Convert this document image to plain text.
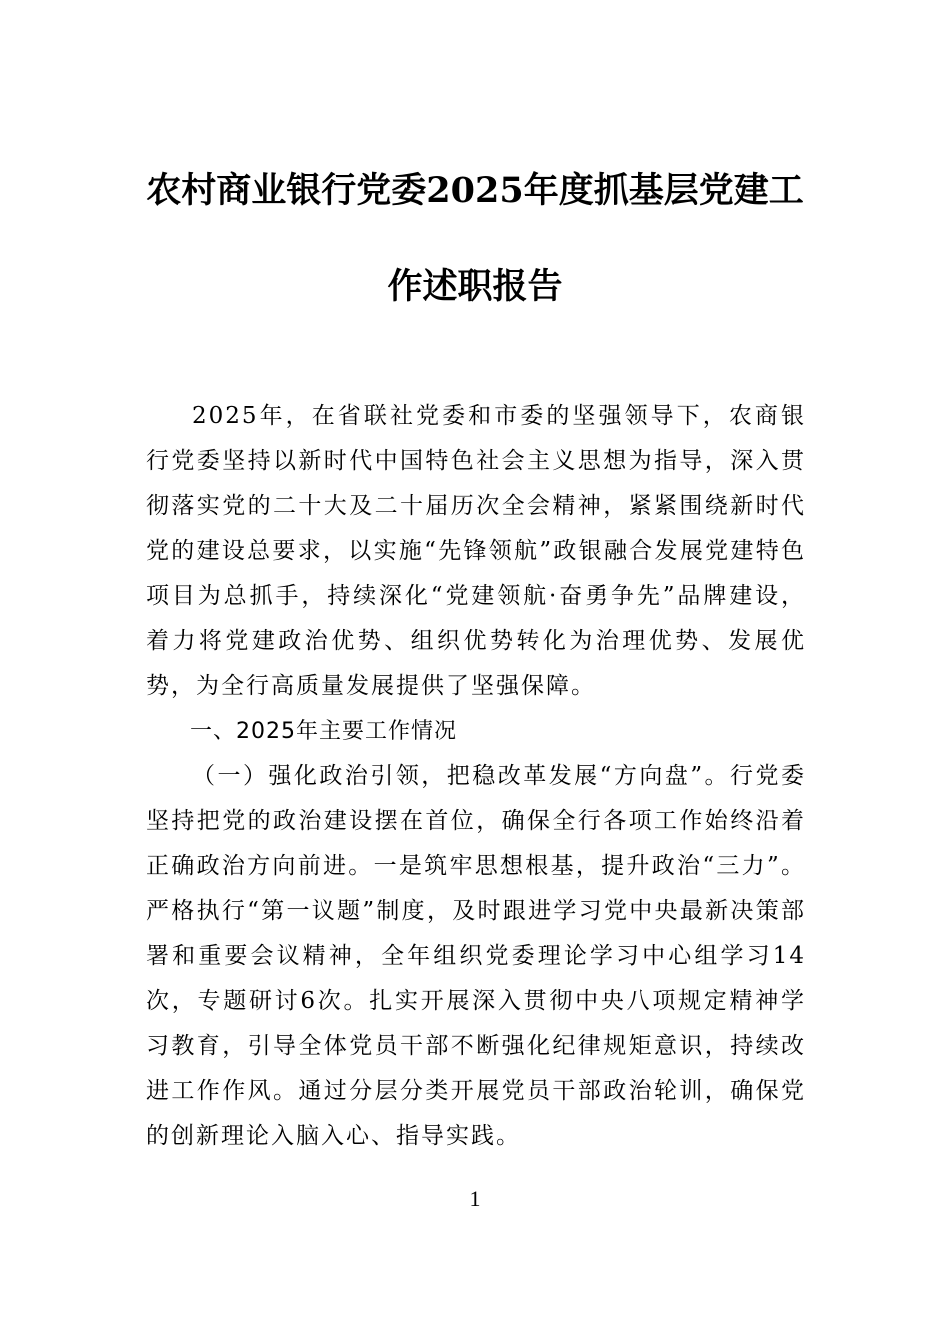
农村商业银行党委2025年度抓基层党建工
作述职报告

2025年，在省联社党委和市委的坚强领导下，农商银行党委坚持以新时代中国特色社会主义思想为指导，深入贯彻落实党的二十大及二十届历次全会精神，紧紧围绕新时代党的建设总要求，以实施“先锋领航”政银融合发展党建特色项目为总抓手，持续深化“党建领航·奋勇争先”品牌建设，着力将党建政治优势、组织优势转化为治理优势、发展优势，为全行高质量发展提供了坚强保障。

一、2025年主要工作情况

（一）强化政治引领，把稳改革发展“方向盘”。行党委坚持把党的政治建设摆在首位，确保全行各项工作始终沿着正确政治方向前进。一是筑牢思想根基，提升政治“三力”。严格执行“第一议题”制度，及时跟进学习党中央最新决策部署和重要会议精神，全年组织党委理论学习中心组学习14次，专题研讨6次。扎实开展深入贯彻中央八项规定精神学习教育，引导全体党员干部不断强化纪律规矩意识，持续改进工作作风。通过分层分类开展党员干部政治轮训，确保党的创新理论入脑入心、指导实践。

1
